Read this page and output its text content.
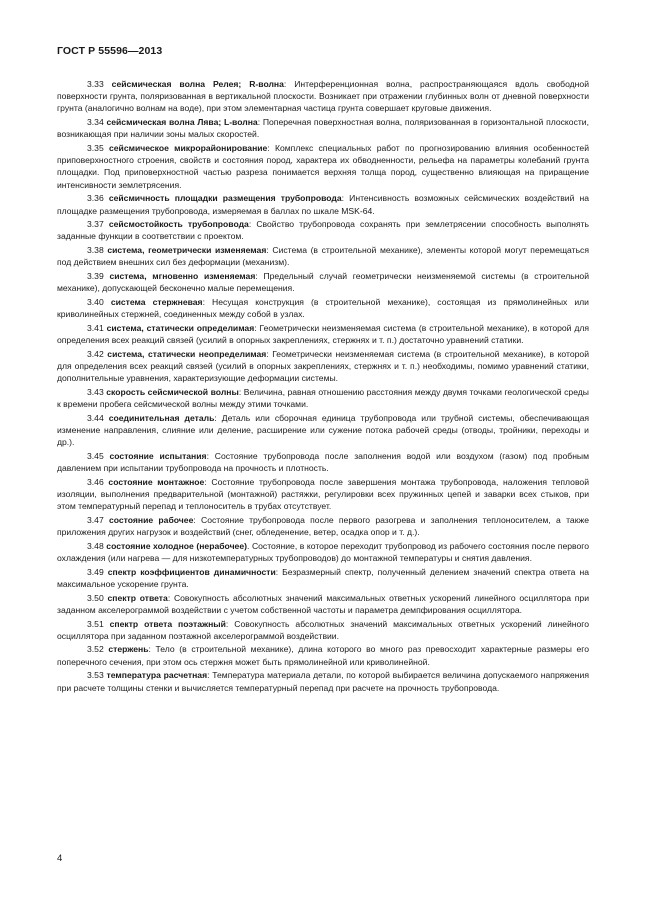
ГОСТ Р 55596—2013

3.33 сейсмическая волна Релея; R-волна: Интерференционная волна, распространяющаяся вдоль свободной поверхности грунта, поляризованная в вертикальной плоскости. Возникает при отражении глубинных волн от дневной поверхности грунта (аналогично волнам на воде), при этом элементарная частица грунта совершает круговые движения.

3.34 сейсмическая волна Лява; L-волна: Поперечная поверхностная волна, поляризованная в горизонтальной плоскости, возникающая при наличии зоны малых скоростей.

3.35 сейсмическое микрорайонирование: Комплекс специальных работ по прогнозированию влияния особенностей приповерхностного строения, свойств и состояния пород, характера их обводненности, рельефа на параметры колебаний грунта площадки. Под приповерхностной частью разреза понимается верхняя толща пород, существенно влияющая на приращение интенсивности землетрясения.

3.36 сейсмичность площадки размещения трубопровода: Интенсивность возможных сейсмических воздействий на площадке размещения трубопровода, измеряемая в баллах по шкале MSK-64.

3.37 сейсмостойкость трубопровода: Свойство трубопровода сохранять при землетрясении способность выполнять заданные функции в соответствии с проектом.

3.38 система, геометрически изменяемая: Система (в строительной механике), элементы которой могут перемещаться под действием внешних сил без деформации (механизм).

3.39 система, мгновенно изменяемая: Предельный случай геометрически неизменяемой системы (в строительной механике), допускающей бесконечно малые перемещения.

3.40 система стержневая: Несущая конструкция (в строительной механике), состоящая из прямолинейных или криволинейных стержней, соединенных между собой в узлах.

3.41 система, статически определимая: Геометрически неизменяемая система (в строительной механике), в которой для определения всех реакций связей (усилий в опорных закреплениях, стержнях и т. п.) достаточно уравнений статики.

3.42 система, статически неопределимая: Геометрически неизменяемая система (в строительной механике), в которой для определения всех реакций связей (усилий в опорных закреплениях, стержнях и т. п.) необходимы, помимо уравнений статики, дополнительные уравнения, характеризующие деформации системы.

3.43 скорость сейсмической волны: Величина, равная отношению расстояния между двумя точками геологической среды к времени пробега сейсмической волны между этими точками.

3.44 соединительная деталь: Деталь или сборочная единица трубопровода или трубной системы, обеспечивающая изменение направления, слияние или деление, расширение или сужение потока рабочей среды (отводы, тройники, переходы и др.).

3.45 состояние испытания: Состояние трубопровода после заполнения водой или воздухом (газом) под пробным давлением при испытании трубопровода на прочность и плотность.

3.46 состояние монтажное: Состояние трубопровода после завершения монтажа трубопровода, наложения тепловой изоляции, выполнения предварительной (монтажной) растяжки, регулировки всех пружинных цепей и заварки всех стыков, при этом температурный перепад и теплоноситель в трубах отсутствует.

3.47 состояние рабочее: Состояние трубопровода после первого разогрева и заполнения теплоносителем, а также приложения других нагрузок и воздействий (снег, обледенение, ветер, осадка опор и т. д.).

3.48 состояние холодное (нерабочее). Состояние, в которое переходит трубопровод из рабочего состояния после первого охлаждения (или нагрева — для низкотемпературных трубопроводов) до монтажной температуры и снятия давления.

3.49 спектр коэффициентов динамичности: Безразмерный спектр, полученный делением значений спектра ответа на максимальное ускорение грунта.

3.50 спектр ответа: Совокупность абсолютных значений максимальных ответных ускорений линейного осциллятора при заданном акселерограммой воздействии с учетом собственной частоты и параметра демпфирования осциллятора.

3.51 спектр ответа поэтажный: Совокупность абсолютных значений максимальных ответных ускорений линейного осциллятора при заданном поэтажной акселерограммой воздействии.

3.52 стержень: Тело (в строительной механике), длина которого во много раз превосходит характерные размеры его поперечного сечения, при этом ось стержня может быть прямолинейной или криволинейной.

3.53 температура расчетная: Температура материала детали, по которой выбирается величина допускаемого напряжения при расчете толщины стенки и вычисляется температурный перепад при расчете на прочность трубопровода.

4
